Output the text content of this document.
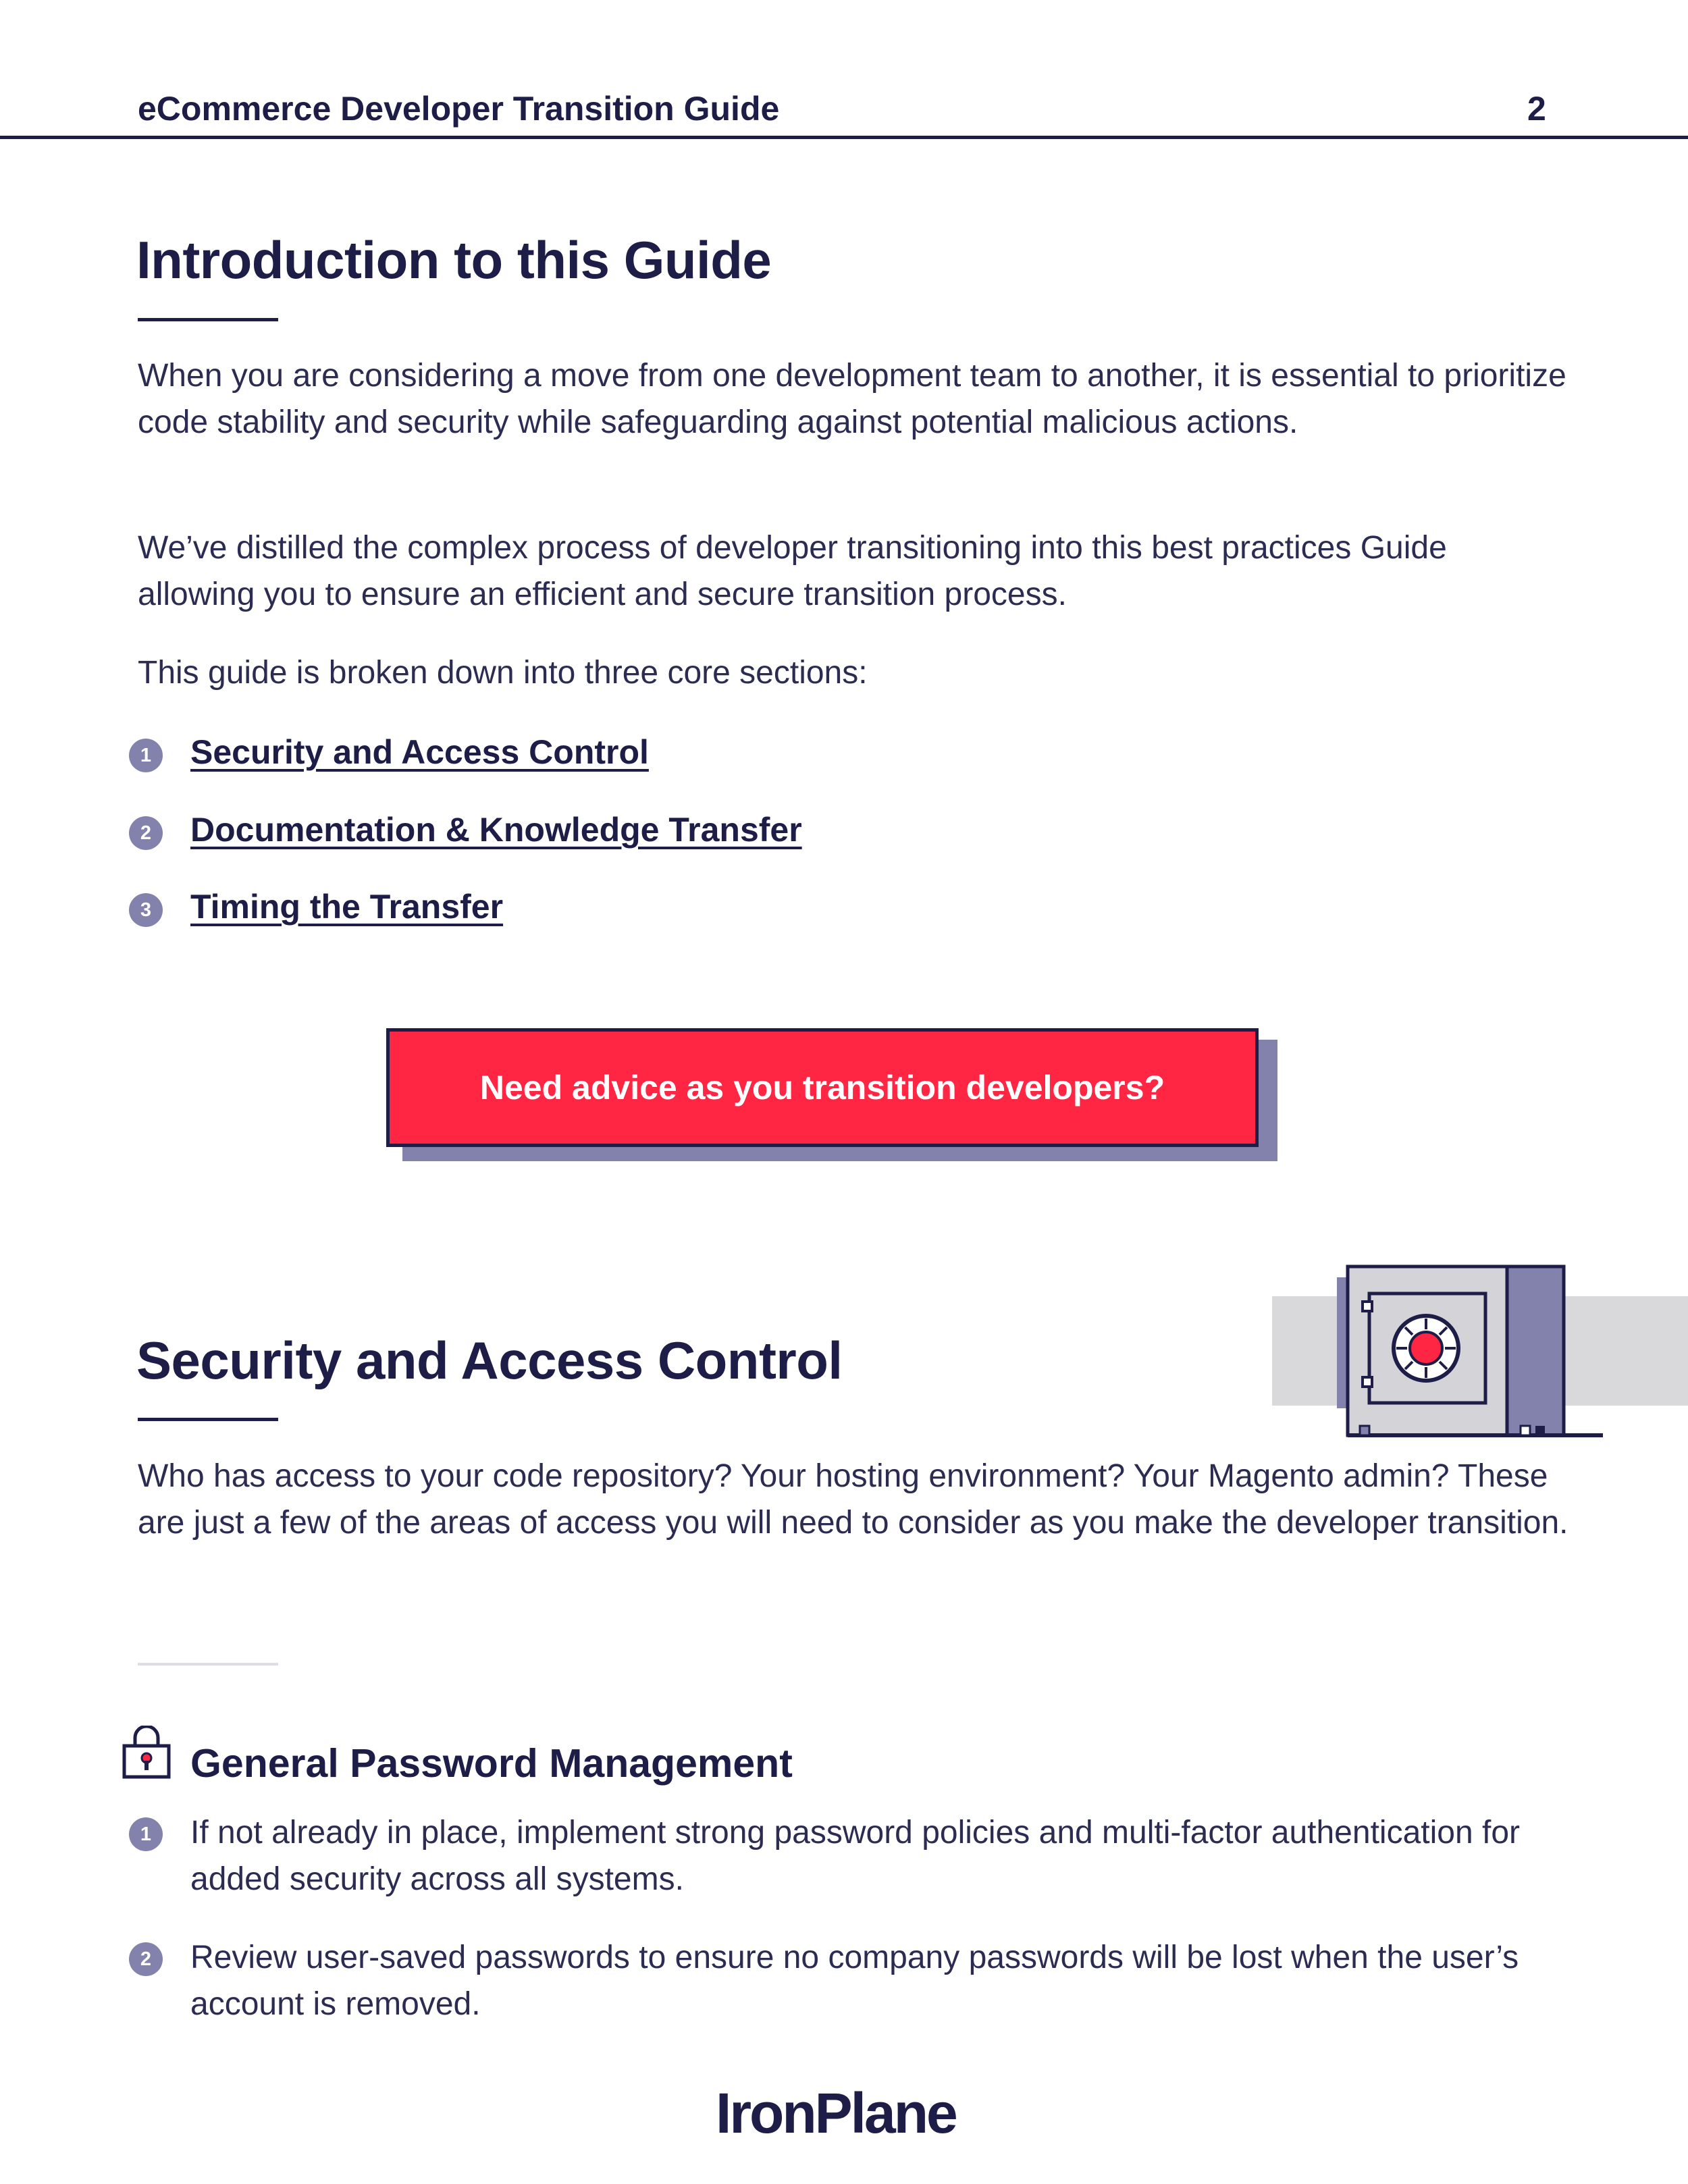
eCommerce Developer Transition Guide	2
Introduction to this Guide
When you are considering a move from one development team to another, it is essential to prioritize code stability and security while safeguarding against potential malicious actions.
We’ve distilled the complex process of developer transitioning into this best practices Guide allowing you to ensure an efficient and secure transition process.
This guide is broken down into three core sections:
1	Security and Access Control
2	Documentation & Knowledge Transfer
3	Timing the Transfer
Need advice as you transition developers?
Security and Access Control
Who has access to your code repository? Your hosting environment? Your Magento admin? These are just a few of the areas of access you will need to consider as you make the developer transition.
General Password Management
1	If not already in place, implement strong password policies and multi-factor authentication for added security across all systems.
2	Review user-saved passwords to ensure no company passwords will be lost when the user’s account is removed.
IronPlane
